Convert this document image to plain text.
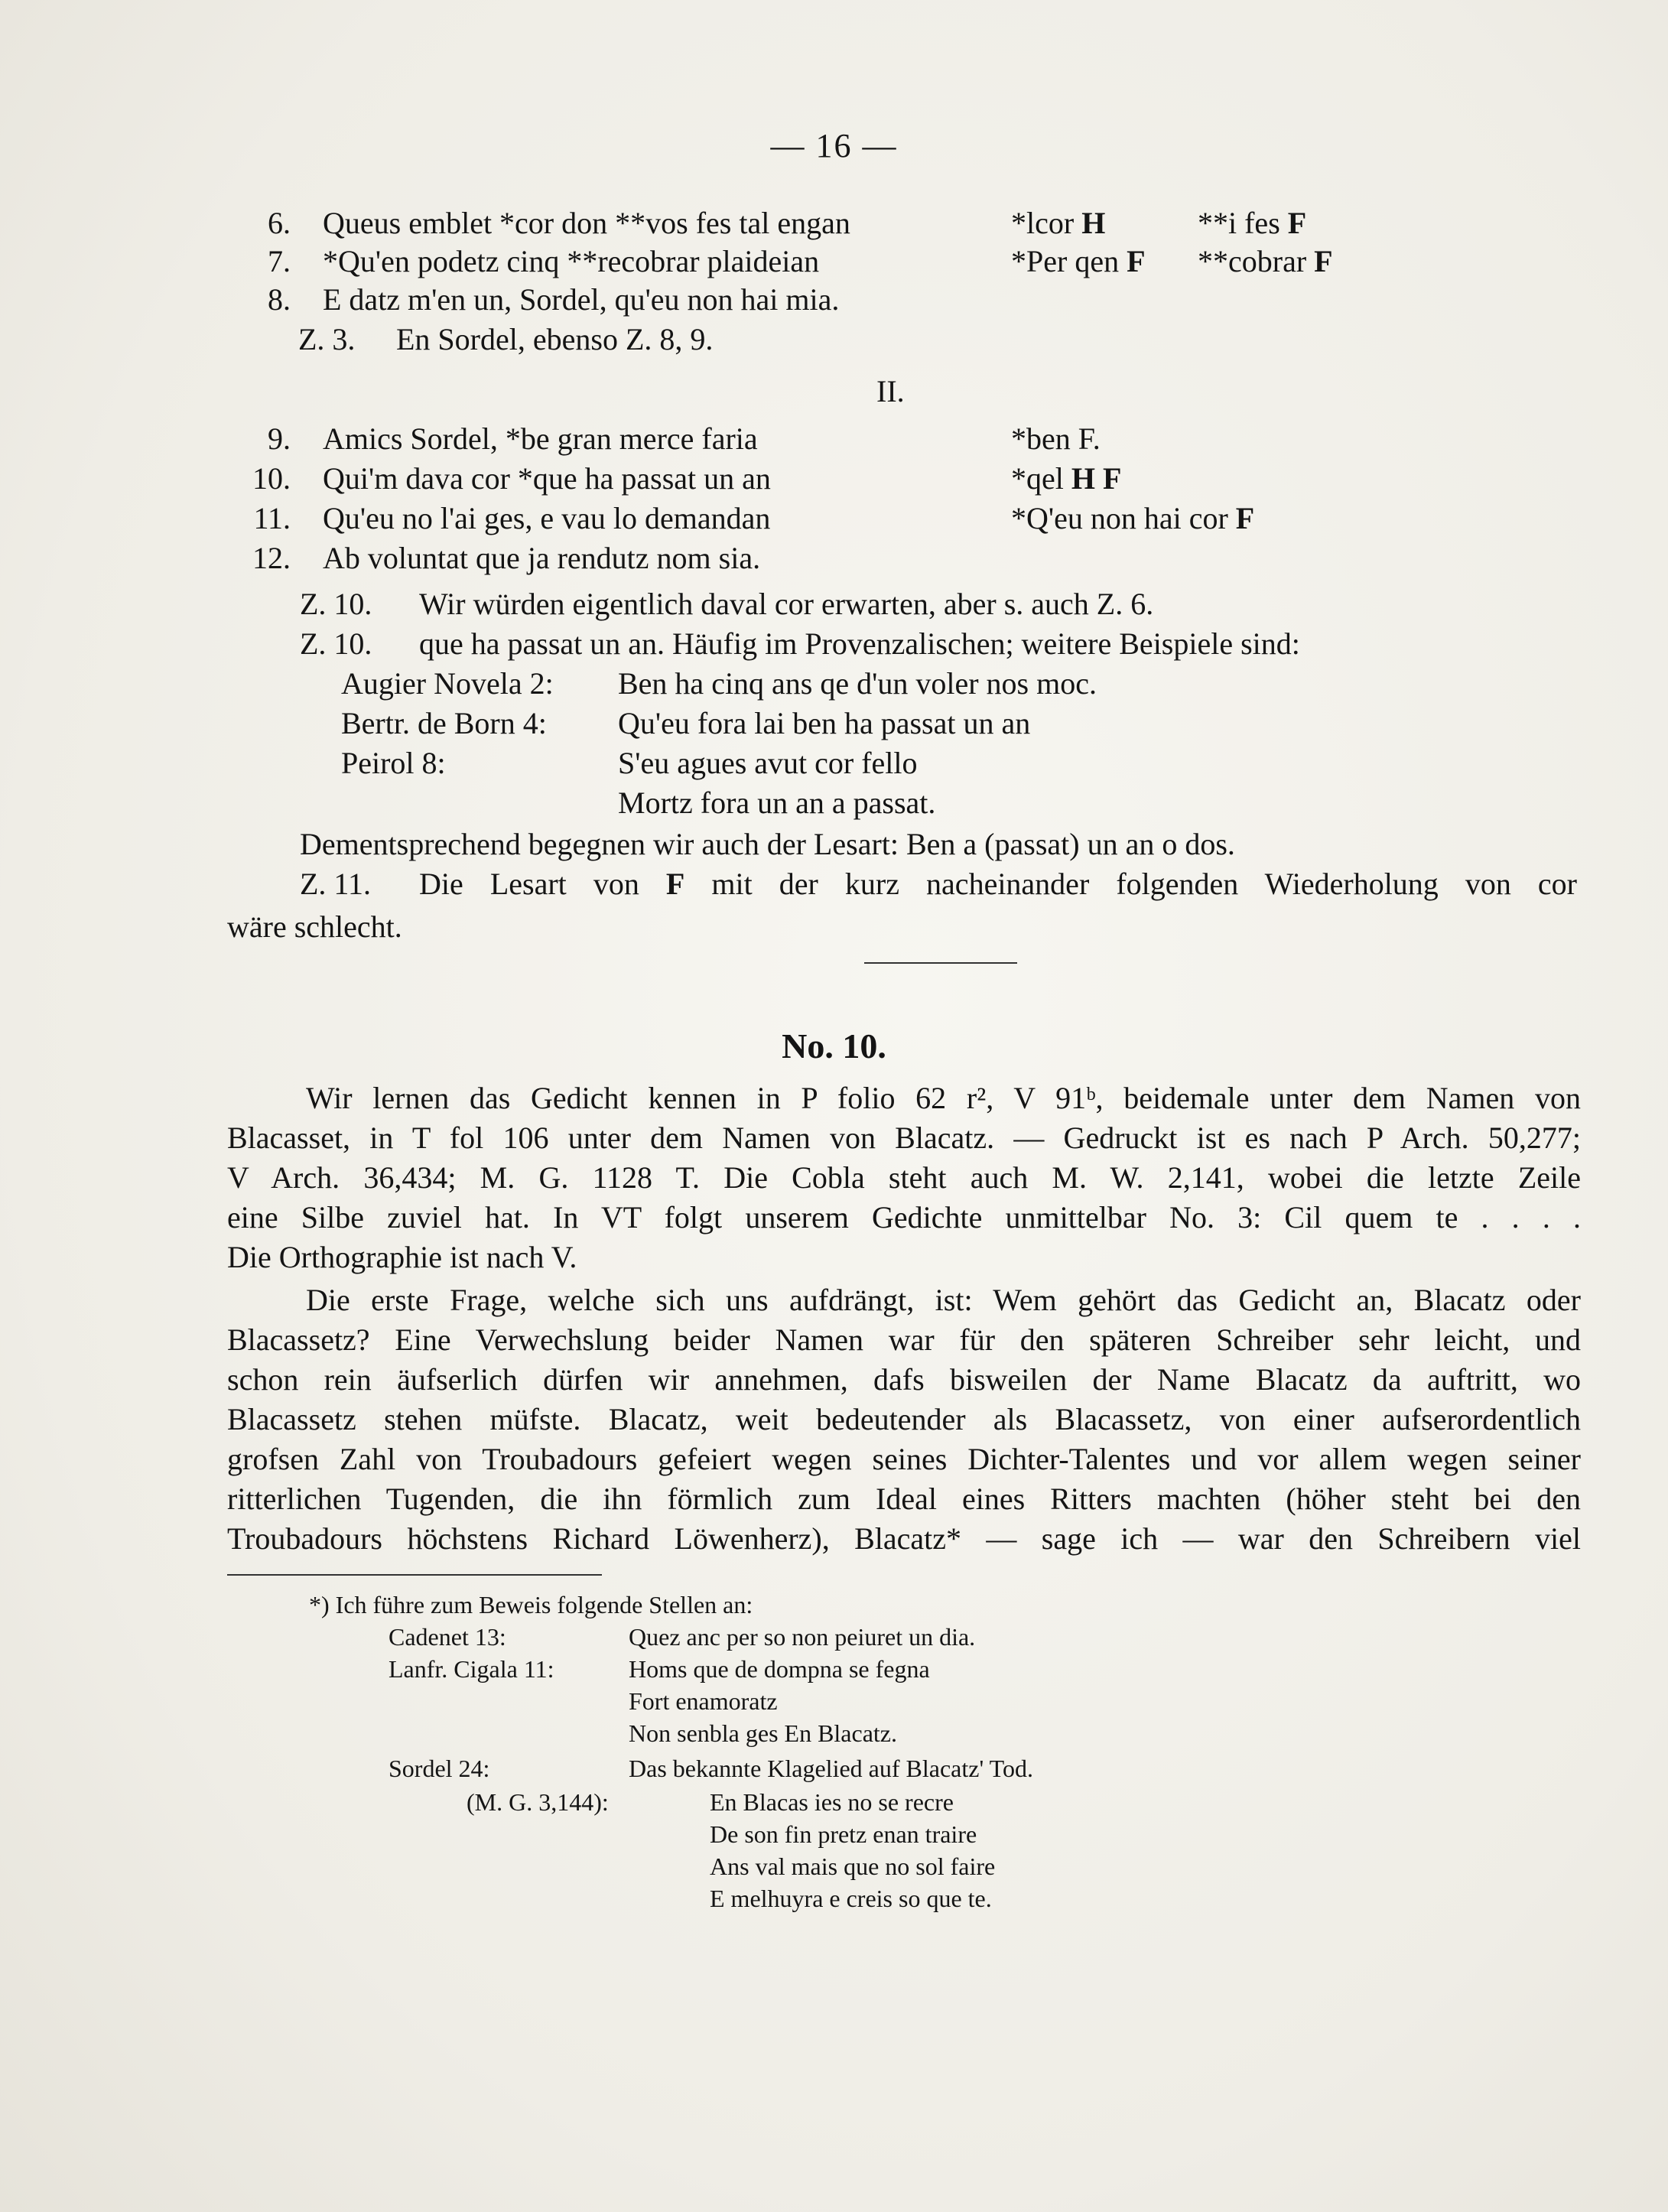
— 16 —
6. Queus emblet *cor don **vos fes tal engan	*lcor H	**i fes F
7. *Qu'en podetz cinq **recobrar plaideian	*Per qen F **cobrar F
8. E datz m'en un, Sordel, qu'eu non hai mia.
Z. 3. En Sordel, ebenso Z. 8, 9.
II.
9. Amics Sordel, *be gran merce faria	*ben F.
10. Qui'm dava cor *que ha passat un an	*qel H F
11. Qu'eu no l'ai ges, e vau lo demandan	*Q'eu non hai cor F
12. Ab voluntat que ja rendutz nom sia.
Z. 10. Wir würden eigentlich daval cor erwarten, aber s. auch Z. 6.
Z. 10. que ha passat un an. Häufig im Provenzalischen; weitere Beispiele sind:
Augier Novela 2: Ben ha cinq ans qe d'un voler nos moc.
Bertr. de Born 4: Qu'eu fora lai ben ha passat un an
Peirol 8:	S'eu agues avut cor fello
Mortz fora un an a passat.
Dementsprechend begegnen wir auch der Lesart: Ben a (passat) un an o dos.
Z. 11. Die Lesart von F mit der kurz nacheinander folgenden Wiederholung von cor
wäre schlecht.
No. 10.
Wir lernen das Gedicht kennen in P folio 62 r², V 91ᵇ, beidemale unter dem Namen von
Blacasset, in T fol 106 unter dem Namen von Blacatz. — Gedruckt ist es nach P Arch. 50,277;
V Arch. 36,434; M. G. 1128 T. Die Cobla steht auch M. W. 2,141, wobei die letzte Zeile
eine Silbe zuviel hat. In VT folgt unserem Gedichte unmittelbar No. 3: Cil quem te . . . .
Die Orthographie ist nach V.
Die erste Frage, welche sich uns aufdrängt, ist: Wem gehört das Gedicht an, Blacatz oder
Blacassetz? Eine Verwechslung beider Namen war für den späteren Schreiber sehr leicht, und
schon rein äufserlich dürfen wir annehmen, dafs bisweilen der Name Blacatz da auftritt, wo
Blacassetz stehen müfste. Blacatz, weit bedeutender als Blacassetz, von einer aufserordentlich
grofsen Zahl von Troubadours gefeiert wegen seines Dichter-Talentes und vor allem wegen seiner
ritterlichen Tugenden, die ihn förmlich zum Ideal eines Ritters machten (höher steht bei den
Troubadours höchstens Richard Löwenherz), Blacatz* — sage ich — war den Schreibern viel
*) Ich führe zum Beweis folgende Stellen an:
Cadenet 13:	Quez anc per so non peiuret un dia.
Lanfr. Cigala 11:	Homs que de dompna se fegna
Fort enamoratz
Non senbla ges En Blacatz.
Sordel 24:	Das bekannte Klagelied auf Blacatz' Tod.
(M. G. 3,144):	En Blacas ies no se recre
De son fin pretz enan traire
Ans val mais que no sol faire
E melhuyra e creis so que te.
